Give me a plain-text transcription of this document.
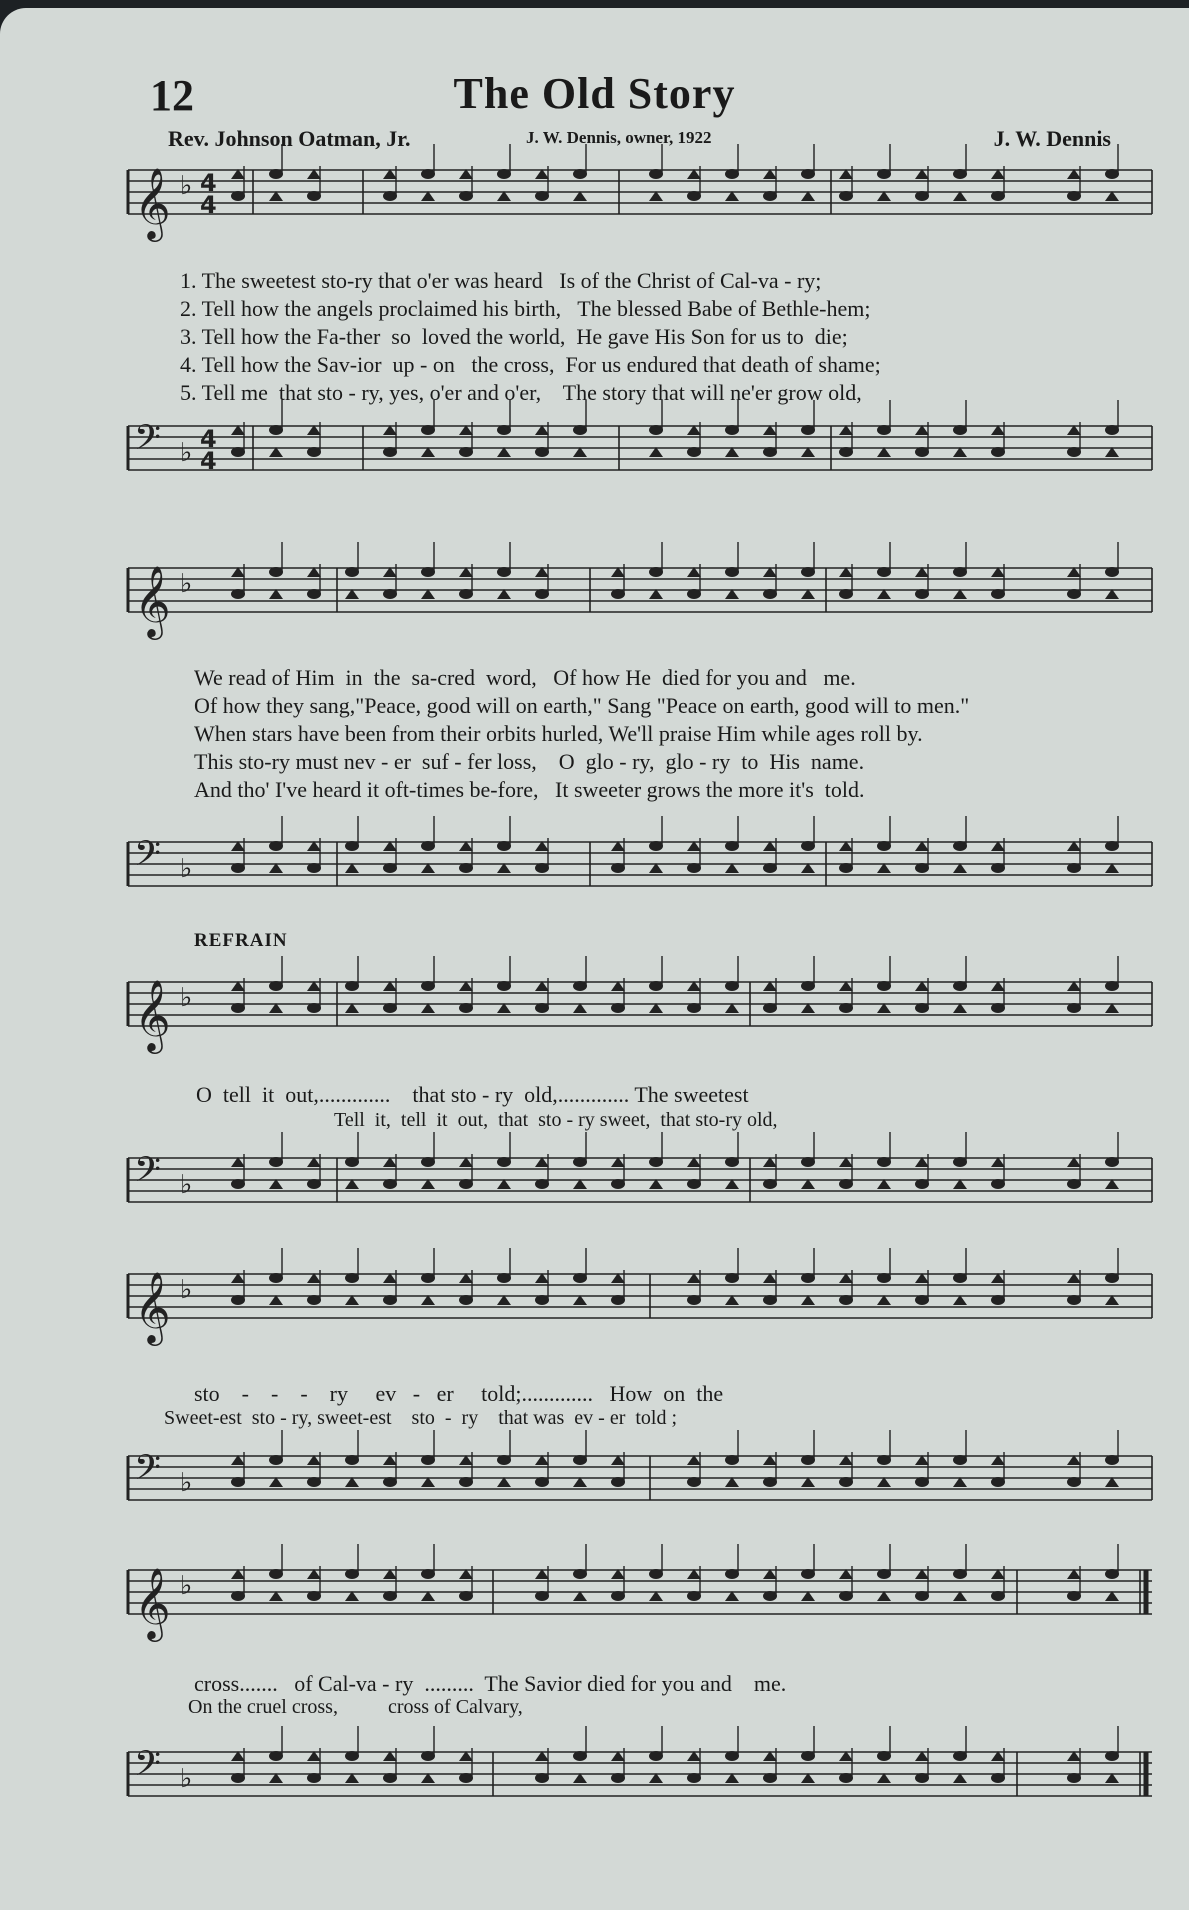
12	The Old Story
Rev. Johnson Oatman, Jr.	J. W. Dennis, owner, 1922	J. W. Dennis
𝄞 ♭ 4
4
𝄢 ♭ 4
4
1. The sweetest sto-ry that o'er was heard   Is of the Christ of Cal-va - ry;
2. Tell how the angels proclaimed his birth,   The blessed Babe of Bethle-hem;
3. Tell how the Fa-ther  so  loved the world,  He gave His Son for us to  die;
4. Tell how the Sav-ior  up - on   the cross,  For us endured that death of shame;
5. Tell me  that sto - ry, yes, o'er and o'er,    The story that will ne'er grow old,
𝄞 ♭
𝄢 ♭
We read of Him  in  the  sa-cred  word,   Of how He  died for you and   me.
Of how they sang,"Peace, good will on earth," Sang "Peace on earth, good will to men."
When stars have been from their orbits hurled, We'll praise Him while ages roll by.
This sto-ry must nev - er  suf - fer loss,    O  glo - ry,  glo - ry  to  His  name.
And tho' I've heard it oft-times be-fore,   It sweeter grows the more it's  told.
REFRAIN
𝄞 ♭
𝄢 ♭
O  tell  it  out,.............    that sto - ry  old,............. The sweetest
Tell  it,  tell  it  out,  that  sto - ry sweet,  that sto-ry old,
𝄞 ♭
𝄢 ♭
sto    -    -    -    ry     ev   -   er     told;.............   How  on  the
Sweet-est  sto - ry, sweet-est    sto  -  ry    that was  ev - er  told ;
𝄞 ♭
𝄢 ♭
cross.......   of Cal-va - ry  .........  The Savior died for you and    me.
On the cruel cross,          cross of Calvary,
